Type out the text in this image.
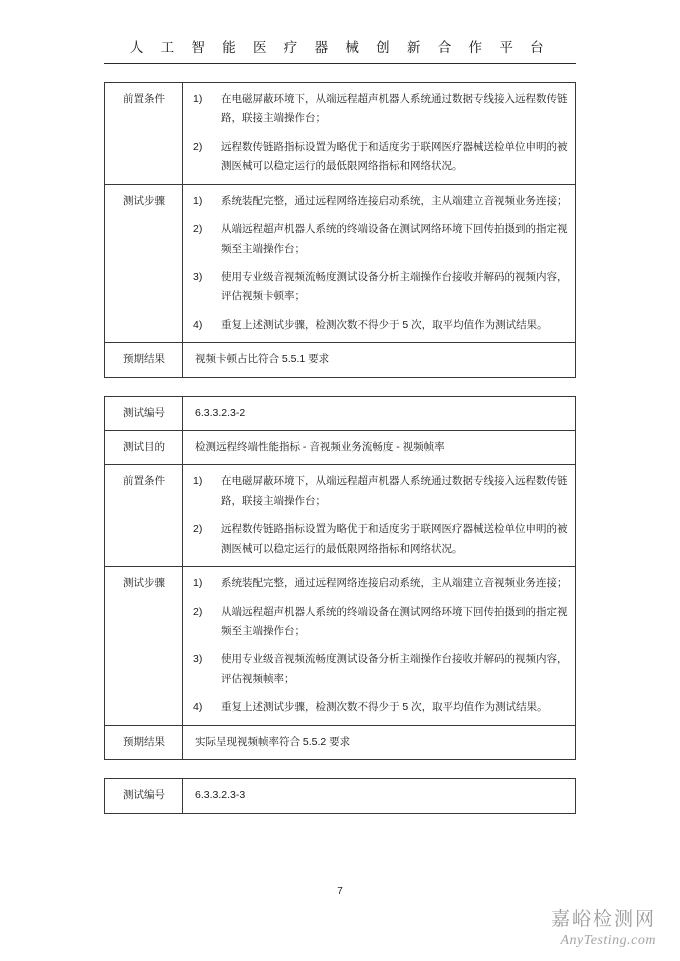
人 工 智 能 医 疗 器 械 创 新 合 作 平 台
前置条件	1)	在电磁屏蔽环境下，从端远程超声机器人系统通过数据专线接入远程数传链路，联接主端操作台；
2)	远程数传链路指标设置为略优于和适度劣于联网医疗器械送检单位申明的被测医械可以稳定运行的最低限网络指标和网络状况。

测试步骤	1)	系统装配完整，通过远程网络连接启动系统，主从端建立音视频业务连接；
2)	从端远程超声机器人系统的终端设备在测试网络环境下回传拍摄到的指定视频至主端操作台；
3)	使用专业级音视频流畅度测试设备分析主端操作台接收并解码的视频内容，评估视频卡顿率；
4)	重复上述测试步骤，检测次数不得少于 5 次，取平均值作为测试结果。

预期结果	视频卡顿占比符合 5.5.1 要求
测试编号	6.3.3.2.3-2
测试目的	检测远程终端性能指标 - 音视频业务流畅度 - 视频帧率
前置条件	1)	在电磁屏蔽环境下，从端远程超声机器人系统通过数据专线接入远程数传链路，联接主端操作台；
2)	远程数传链路指标设置为略优于和适度劣于联网医疗器械送检单位申明的被测医械可以稳定运行的最低限网络指标和网络状况。

测试步骤	1)	系统装配完整，通过远程网络连接启动系统，主从端建立音视频业务连接；
2)	从端远程超声机器人系统的终端设备在测试网络环境下回传拍摄到的指定视频至主端操作台；
3)	使用专业级音视频流畅度测试设备分析主端操作台接收并解码的视频内容，评估视频帧率；
4)	重复上述测试步骤，检测次数不得少于 5 次，取平均值作为测试结果。

预期结果	实际呈现视频帧率符合 5.5.2 要求
测试编号	6.3.3.2.3-3
7
嘉峪检测网
AnyTesting.com
